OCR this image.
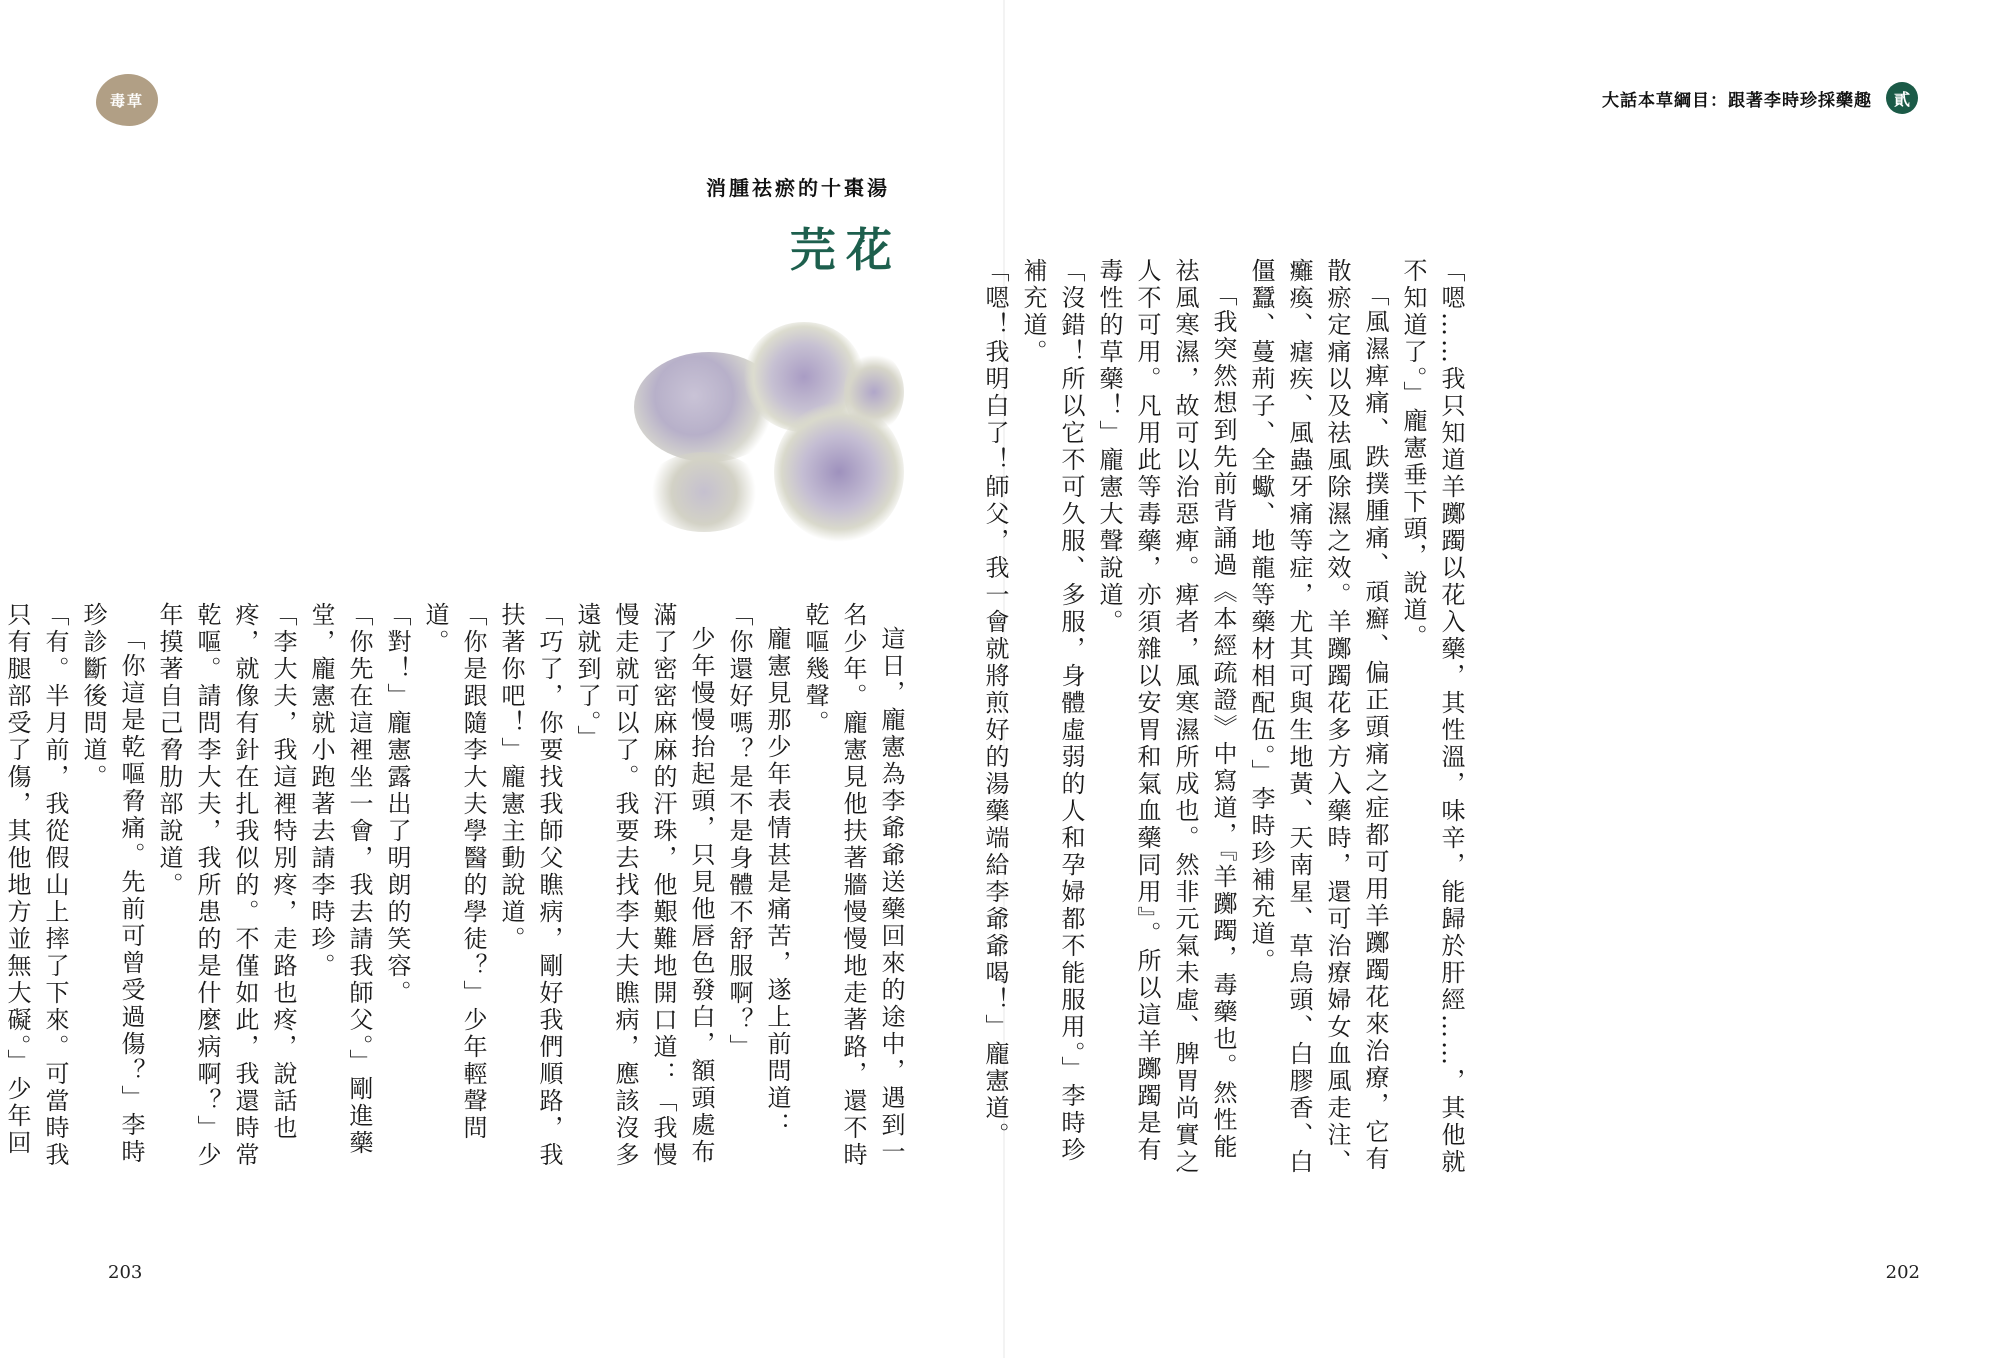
毒草
消腫祛瘀的十棗湯
芫花

這日，龐憲為李爺爺送藥回來的途中，遇到一名少年。龐憲見他扶著牆慢慢地走著路，還不時乾嘔幾聲。

龐憲見那少年表情甚是痛苦，遂上前問道：「你還好嗎？是不是身體不舒服啊？」

少年慢慢抬起頭，只見他唇色發白，額頭處布滿了密密麻麻的汗珠，他艱難地開口道：「我慢慢走就可以了。我要去找李大夫瞧病，應該沒多遠就到了。」

「巧了，你要找我師父瞧病，剛好我們順路，我扶著你吧！」龐憲主動說道。

「你是跟隨李大夫學醫的學徒？」少年輕聲問道。

「對！」龐憲露出了明朗的笑容。

「你先在這裡坐一會，我去請我師父。」剛進藥堂，龐憲就小跑著去請李時珍。

「李大夫，我這裡特別疼，走路也疼，說話也疼，就像有針在扎我似的。不僅如此，我還時常乾嘔。請問李大夫，我所患的是什麼病啊？」少年摸著自己脅肋部說道。

「你這是乾嘔脅痛。先前可曾受過傷？」李時珍診斷後問道。

「有。半月前，我從假山上摔了下來。可當時我只有腿部受了傷，其他地方並無大礙。」少年回

203
大話本草綱目：跟著李時珍採藥趣	貳

「嗯……我只知道羊躑躅以花入藥，其性溫，味辛，能歸於肝經……，其他就不知道了。」龐憲垂下頭，說道。

「風濕痺痛、跌撲腫痛、頑癬、偏正頭痛之症都可用羊躑躅花來治療，它有散瘀定痛以及祛風除濕之效。羊躑躅花多方入藥時，還可治療婦女血風走注、癱瘓、瘧疾、風蟲牙痛等症，尤其可與生地黃、天南星、草烏頭、白膠香、白僵蠶、蔓荊子、全蠍、地龍等藥材相配伍。」李時珍補充道。

「我突然想到先前背誦過《本經疏證》中寫道，『羊躑躅，毒藥也。然性能祛風寒濕，故可以治惡痺。痺者，風寒濕所成也。然非元氣未虛、脾胃尚實之人不可用。凡用此等毒藥，亦須雜以安胃和氣血藥同用』。所以這羊躑躅是有毒性的草藥！」龐憲大聲說道。

「沒錯！所以它不可久服、多服，身體虛弱的人和孕婦都不能服用。」李時珍補充道。

「嗯！我明白了！師父，我一會就將煎好的湯藥端給李爺爺喝！」龐憲道。

202
